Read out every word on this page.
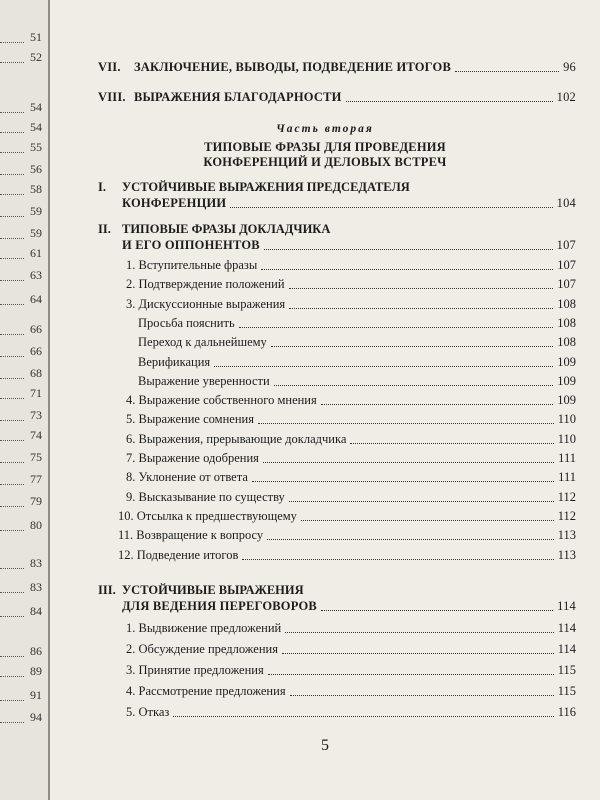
51
52
54
54
55
56
58
59
59
61
63
64
66
66
68
71
73
74
75
77
79
80
83
83
84
86
89
91
94
VII.	ЗАКЛЮЧЕНИЕ, ВЫВОДЫ, ПОДВЕДЕНИЕ ИТОГОВ	96
VIII. ВЫРАЖЕНИЯ БЛАГОДАРНОСТИ	102
Часть вторая
ТИПОВЫЕ ФРАЗЫ ДЛЯ ПРОВЕДЕНИЯ
КОНФЕРЕНЦИЙ И ДЕЛОВЫХ ВСТРЕЧ
I. УСТОЙЧИВЫЕ ВЫРАЖЕНИЯ ПРЕДСЕДАТЕЛЯ
КОНФЕРЕНЦИИ	104
II. ТИПОВЫЕ ФРАЗЫ ДОКЛАДЧИКА
И ЕГО ОППОНЕНТОВ	107
1. Вступительные фразы	107
2. Подтверждение положений	107
3. Дискуссионные выражения	108
Просьба пояснить	108
Переход к дальнейшему	108
Верификация	109
Выражение уверенности	109
4. Выражение собственного мнения	109
5. Выражение сомнения	110
6. Выражения, прерывающие докладчика	110
7. Выражение одобрения	111
8. Уклонение от ответа	111
9. Высказывание по существу	112
10. Отсылка к предшествующему	112
11. Возвращение к вопросу	113
12. Подведение итогов	113
III. УСТОЙЧИВЫЕ ВЫРАЖЕНИЯ
ДЛЯ ВЕДЕНИЯ ПЕРЕГОВОРОВ	114
1. Выдвижение предложений	114
2. Обсуждение предложения	114
3. Принятие предложения	115
4. Рассмотрение предложения	115
5. Отказ	116
5
